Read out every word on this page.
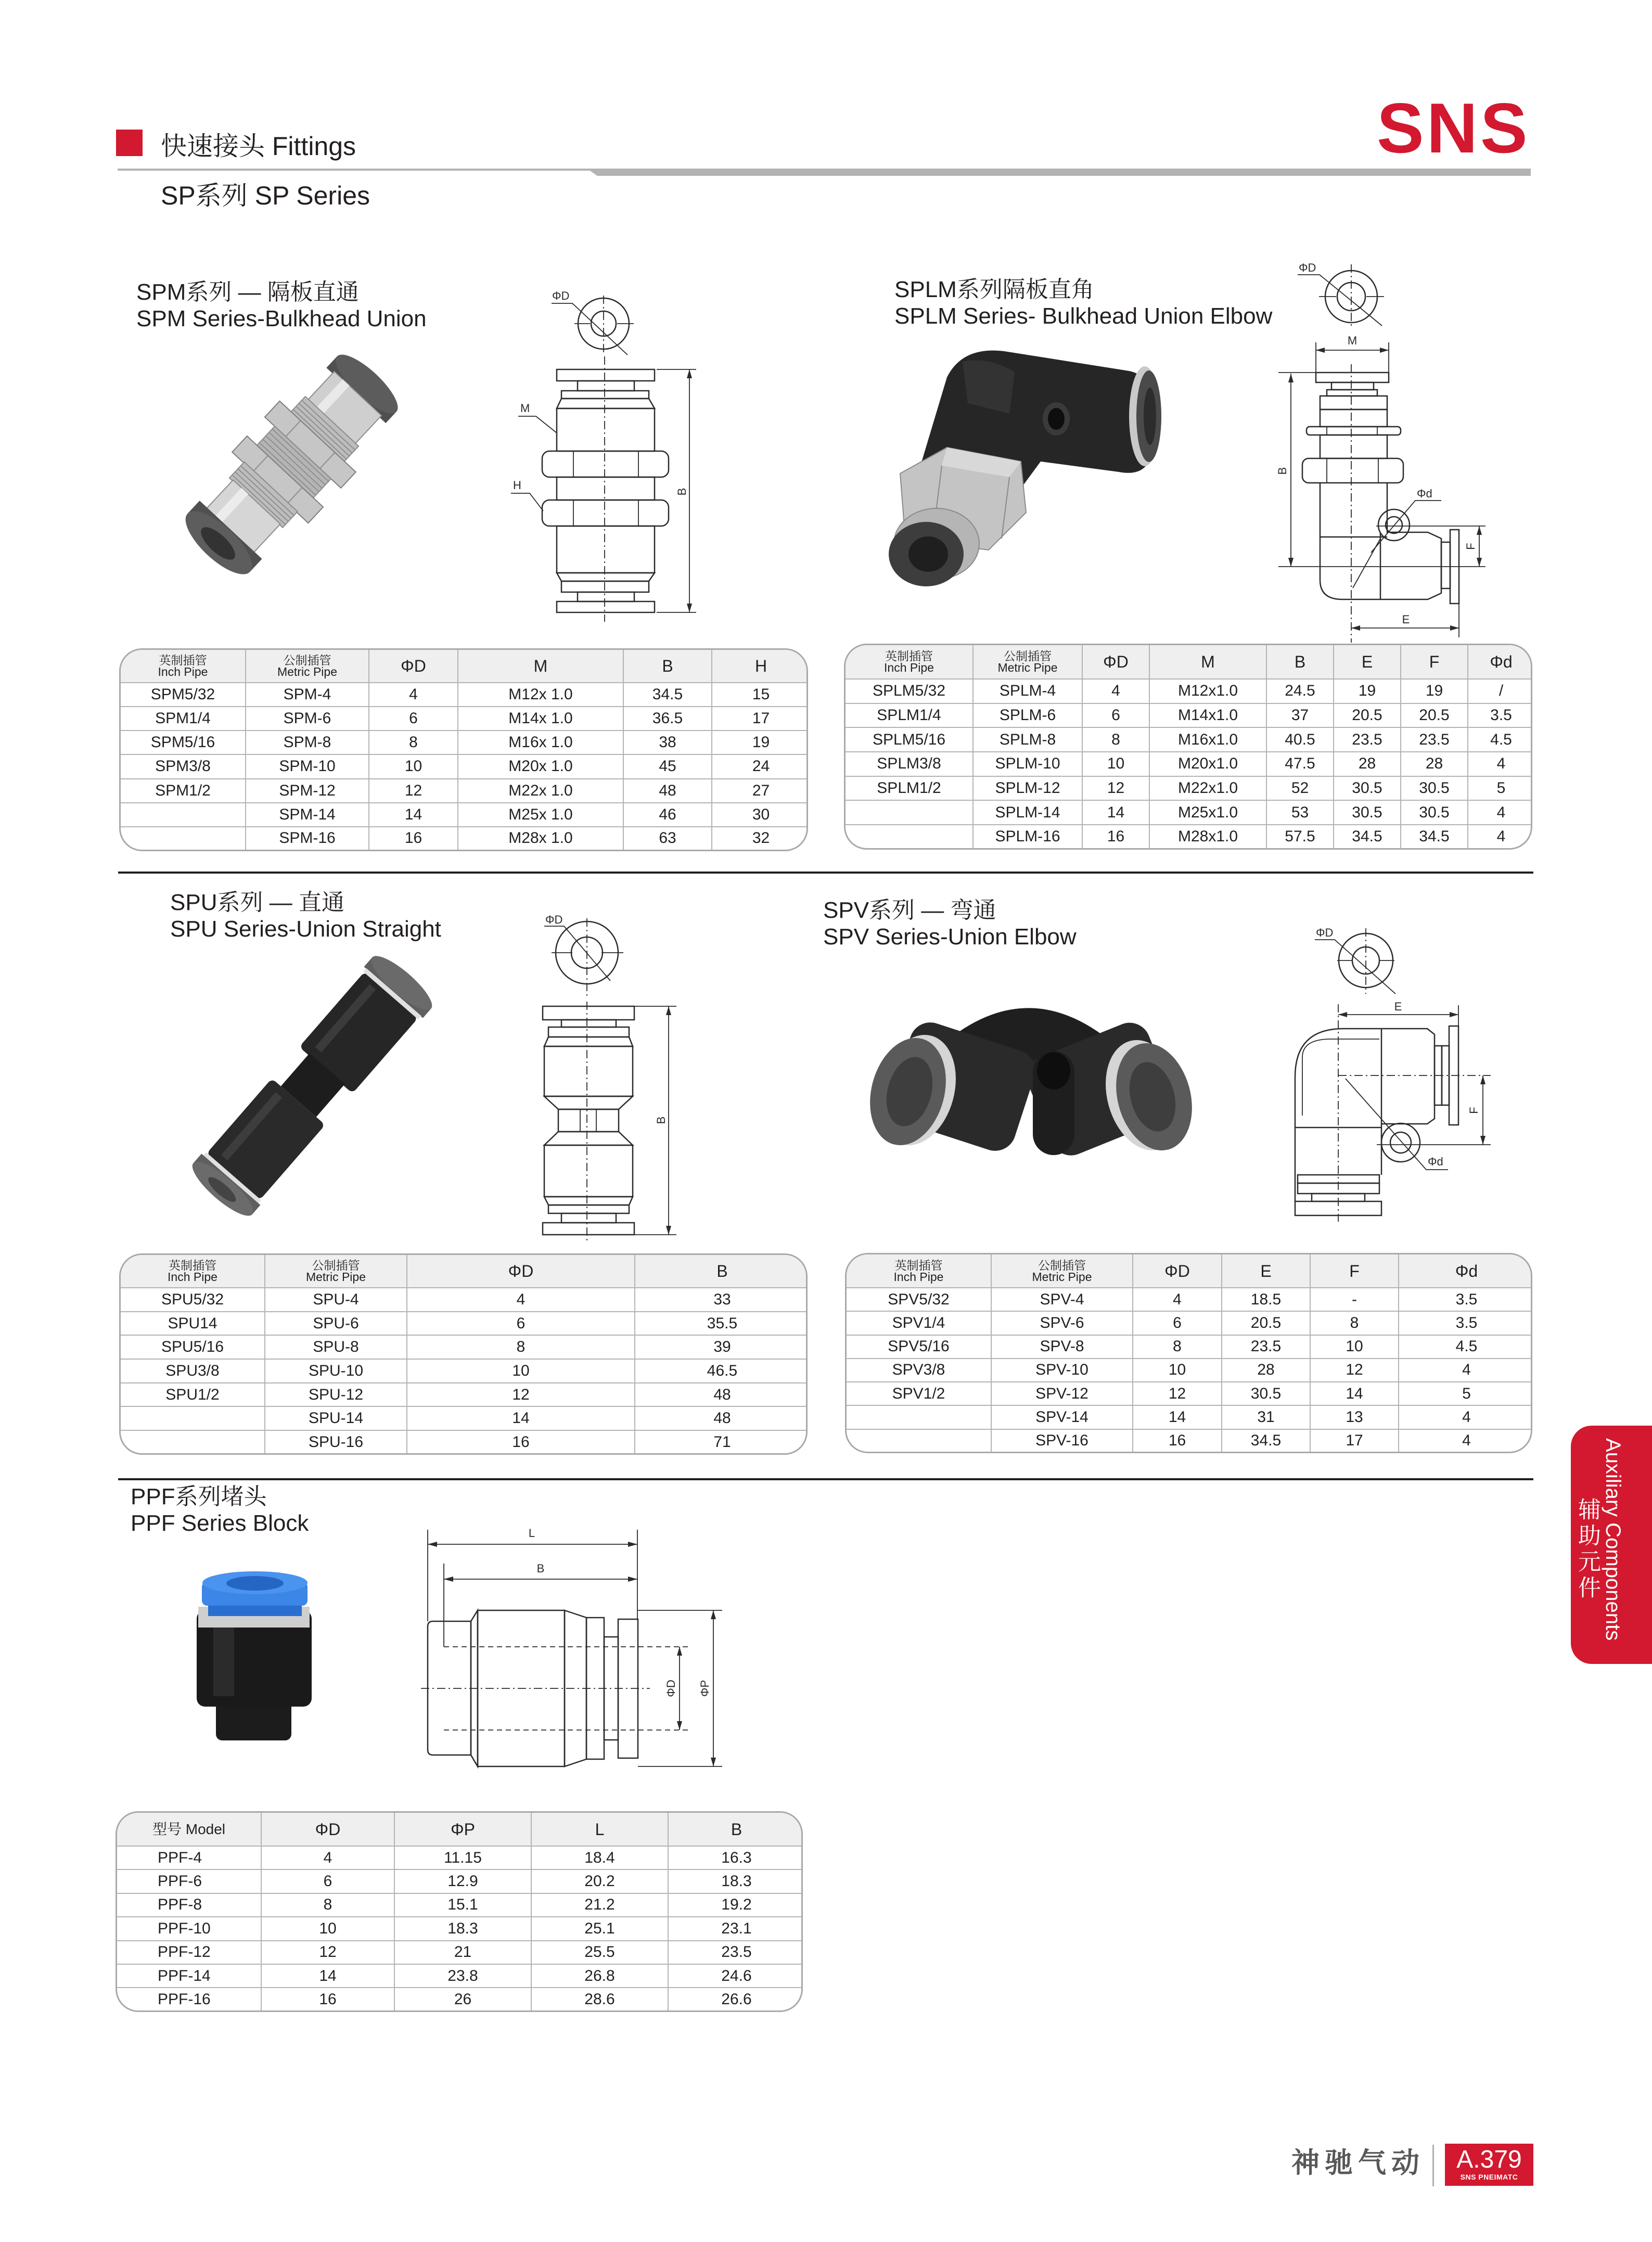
快速接头 Fittings	SNS
SP系列 SP Series
SPM系列 — 隔板直通
SPM Series-Bulkhead Union
ΦD
B
M
H
英制插管
Inch Pipe

公制插管
Metric Pipe	ΦD	M	B	H
SPM5/32	SPM-4	4	M12x 1.0	34.5	15
SPM1/4	SPM-6	6	M14x 1.0	36.5	17
SPM5/16	SPM-8	8	M16x 1.0	38	19
SPM3/8	SPM-10	10	M20x 1.0	45	24
SPM1/2	SPM-12	12	M22x 1.0	48	27
	SPM-14	14	M25x 1.0	46	30
	SPM-16	16	M28x 1.0	63	32
SPLM系列隔板直角
SPLM Series- Bulkhead Union Elbow
ΦD
M
B
Φd
F
E
英制插管
Inch Pipe

公制插管
Metric Pipe	ΦD	M	B	E	F	Φd
SPLM5/32	SPLM-4	4	M12x1.0	24.5	19	19	/
SPLM1/4	SPLM-6	6	M14x1.0	37	20.5	20.5	3.5
SPLM5/16	SPLM-8	8	M16x1.0	40.5	23.5	23.5	4.5
SPLM3/8	SPLM-10	10	M20x1.0	47.5	28	28	4
SPLM1/2	SPLM-12	12	M22x1.0	52	30.5	30.5	5
	SPLM-14	14	M25x1.0	53	30.5	30.5	4
	SPLM-16	16	M28x1.0	57.5	34.5	34.5	4
SPU系列 — 直通
SPU Series-Union Straight	ΦD
B
英制插管
Inch Pipe

公制插管
Metric Pipe	ΦD	B
SPU5/32	SPU-4	4	33
SPU14	SPU-6	6	35.5
SPU5/16	SPU-8	8	39
SPU3/8	SPU-10	10	46.5
SPU1/2	SPU-12	12	48
	SPU-14	14	48
	SPU-16	16	71
SPV系列 — 弯通
SPV Series-Union Elbow	ΦD
E
Φd
F
英制插管
Inch Pipe

公制插管
Metric Pipe	ΦD	E	F	Φd
SPV5/32	SPV-4	4	18.5	-	3.5
SPV1/4	SPV-6	6	20.5	8	3.5
SPV5/16	SPV-8	8	23.5	10	4.5
SPV3/8	SPV-10	10	28	12	4
SPV1/2	SPV-12	12	30.5	14	5
	SPV-14	14	31	13	4
	SPV-16	16	34.5	17	4
PPF系列堵头
PPF Series Block	L
B
ΦD ΦP
型号 Model	ΦD	ΦP	L	B
PPF-4	4	11.15	18.4	16.3
PPF-6	6	12.9	20.2	18.3
PPF-8	8	15.1	21.2	19.2
PPF-10	10	18.3	25.1	23.1
PPF-12	12	21	25.5	23.5
PPF-14	14	23.8	26.8	24.6
PPF-16	16	26	28.6	26.6
Auxiliary Components
辅助元件
神驰气动	A.379
SNS PNEIMATC
